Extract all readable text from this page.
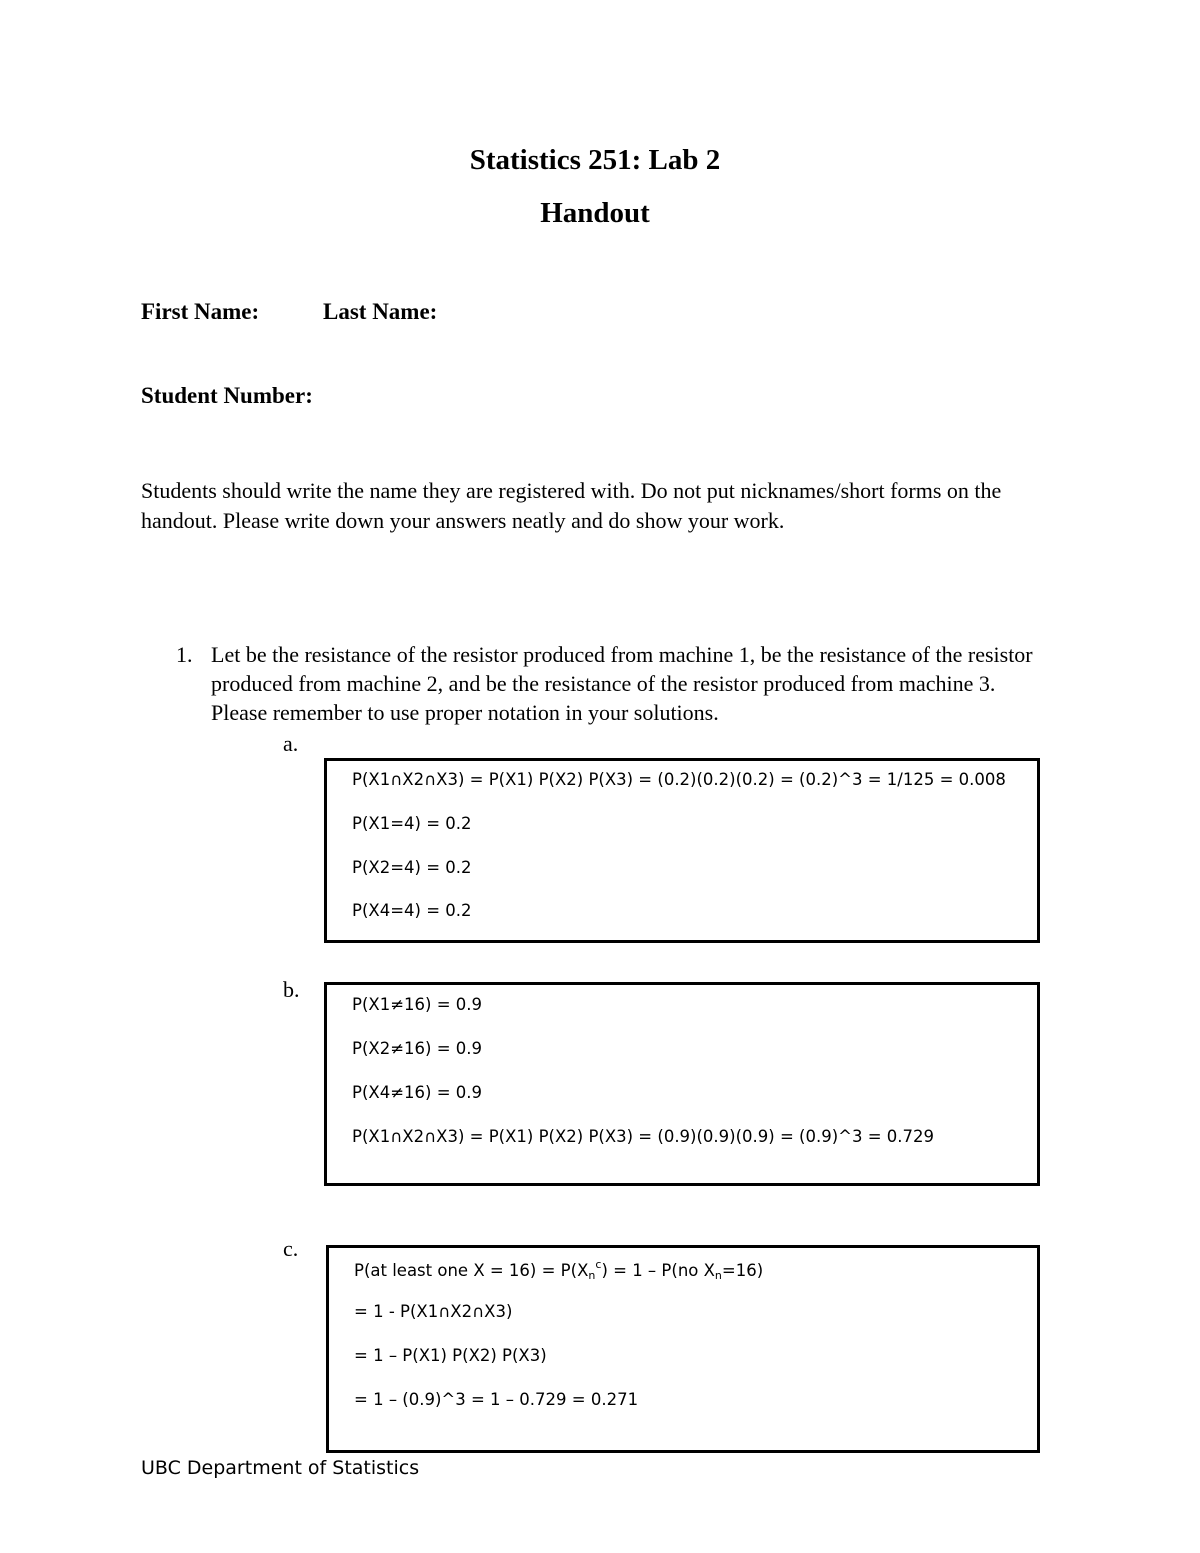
Statistics 251: Lab 2
Handout
First Name:	Last Name:
Student Number:
Students should write the name they are registered with. Do not put nicknames/short forms on the handout. Please write down your answers neatly and do show your work.
1. Let be the resistance of the resistor produced from machine 1, be the resistance of the resistor produced from machine 2, and be the resistance of the resistor produced from machine 3. Please remember to use proper notation in your solutions.
a.
P(X1∩X2∩X3) = P(X1) P(X2) P(X3) = (0.2)(0.2)(0.2) = (0.2)^3 = 1/125 = 0.008
P(X1=4) = 0.2
P(X2=4) = 0.2
P(X4=4) = 0.2
b.
P(X1≠16) = 0.9
P(X2≠16) = 0.9
P(X4≠16) = 0.9
P(X1∩X2∩X3) = P(X1) P(X2) P(X3) = (0.9)(0.9)(0.9) = (0.9)^3 = 0.729
c.
P(at least one $X = 16) = P(X_n^c) = 1 - P(no$ $X_n=16$)
= 1 - P(X1∩X2∩X3)
= 1 – P(X1) P(X2) P(X3)
= 1 – (0.9)^3 = 1 – 0.729 = 0.271
UBC Department of Statistics
